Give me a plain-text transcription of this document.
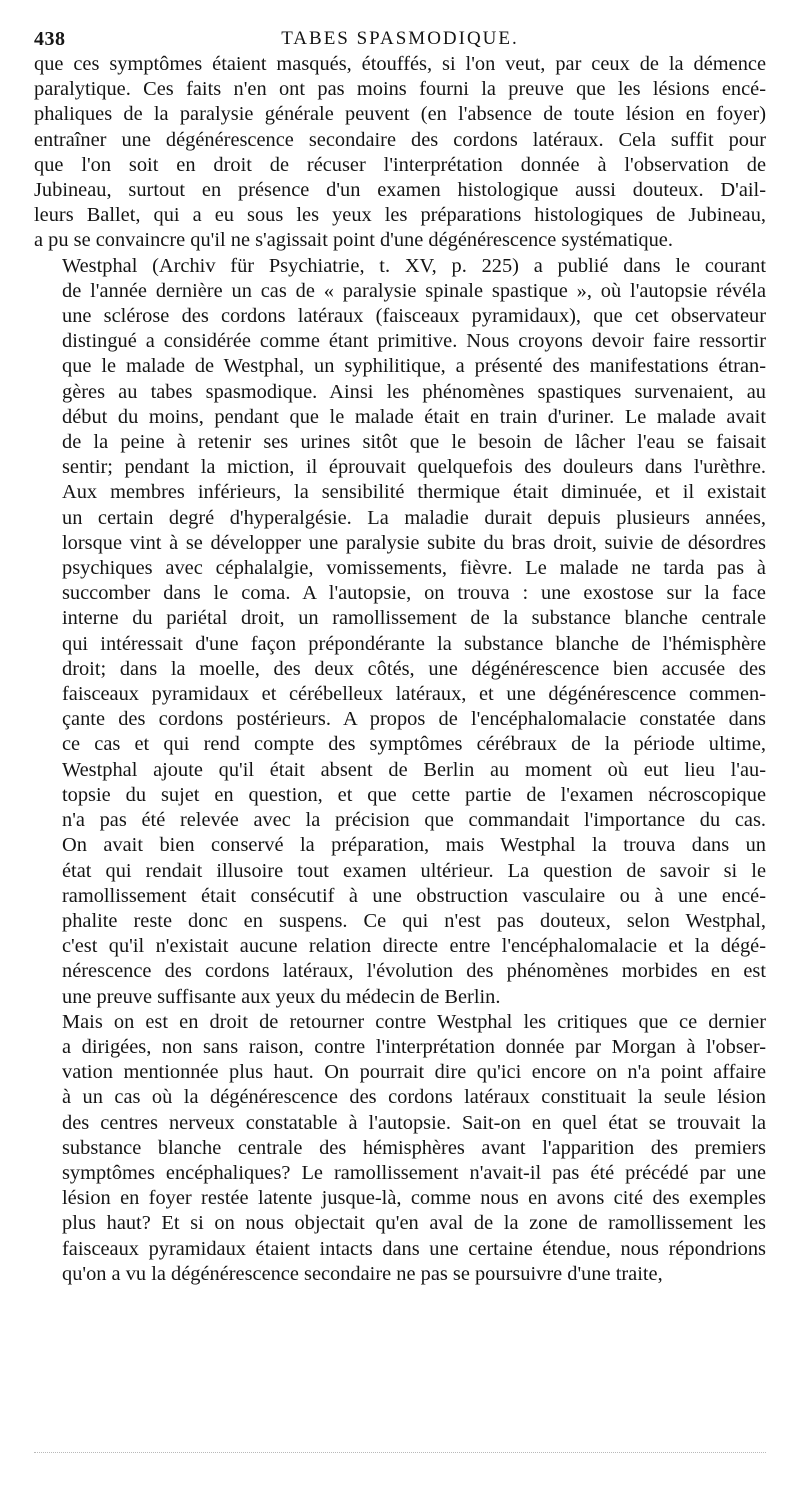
438	TABES SPASMODIQUE.

que ces symptômes étaient masqués, étouffés, si l'on veut, par ceux de la démence
paralytique. Ces faits n'en ont pas moins fourni la preuve que les lésions encé-
phaliques de la paralysie générale peuvent (en l'absence de toute lésion en foyer)
entraîner une dégénérescence secondaire des cordons latéraux. Cela suffit pour
que l'on soit en droit de récuser l'interprétation donnée à l'observation de
Jubineau, surtout en présence d'un examen histologique aussi douteux. D'ail-
leurs Ballet, qui a eu sous les yeux les préparations histologiques de Jubineau,
a pu se convaincre qu'il ne s'agissait point d'une dégénérescence systématique.

Westphal (Archiv für Psychiatrie, t. XV, p. 225) a publié dans le courant
de l'année dernière un cas de « paralysie spinale spastique », où l'autopsie révéla
une sclérose des cordons latéraux (faisceaux pyramidaux), que cet observateur
distingué a considérée comme étant primitive. Nous croyons devoir faire ressortir
que le malade de Westphal, un syphilitique, a présenté des manifestations étran-
gères au tabes spasmodique. Ainsi les phénomènes spastiques survenaient, au
début du moins, pendant que le malade était en train d'uriner. Le malade avait
de la peine à retenir ses urines sitôt que le besoin de lâcher l'eau se faisait
sentir; pendant la miction, il éprouvait quelquefois des douleurs dans l'urèthre.
Aux membres inférieurs, la sensibilité thermique était diminuée, et il existait
un certain degré d'hyperalgésie. La maladie durait depuis plusieurs années,
lorsque vint à se développer une paralysie subite du bras droit, suivie de désordres
psychiques avec céphalalgie, vomissements, fièvre. Le malade ne tarda pas à
succomber dans le coma. A l'autopsie, on trouva : une exostose sur la face
interne du pariétal droit, un ramollissement de la substance blanche centrale
qui intéressait d'une façon prépondérante la substance blanche de l'hémisphère
droit; dans la moelle, des deux côtés, une dégénérescence bien accusée des
faisceaux pyramidaux et cérébelleux latéraux, et une dégénérescence commen-
çante des cordons postérieurs. A propos de l'encéphalomalacie constatée dans
ce cas et qui rend compte des symptômes cérébraux de la période ultime,
Westphal ajoute qu'il était absent de Berlin au moment où eut lieu l'au-
topsie du sujet en question, et que cette partie de l'examen nécroscopique
n'a pas été relevée avec la précision que commandait l'importance du cas.
On avait bien conservé la préparation, mais Westphal la trouva dans un
état qui rendait illusoire tout examen ultérieur. La question de savoir si le
ramollissement était consécutif à une obstruction vasculaire ou à une encé-
phalite reste donc en suspens. Ce qui n'est pas douteux, selon Westphal,
c'est qu'il n'existait aucune relation directe entre l'encéphalomalacie et la dégé-
nérescence des cordons latéraux, l'évolution des phénomènes morbides en est
une preuve suffisante aux yeux du médecin de Berlin.

Mais on est en droit de retourner contre Westphal les critiques que ce dernier
a dirigées, non sans raison, contre l'interprétation donnée par Morgan à l'obser-
vation mentionnée plus haut. On pourrait dire qu'ici encore on n'a point affaire
à un cas où la dégénérescence des cordons latéraux constituait la seule lésion
des centres nerveux constatable à l'autopsie. Sait-on en quel état se trouvait la
substance blanche centrale des hémisphères avant l'apparition des premiers
symptômes encéphaliques? Le ramollissement n'avait-il pas été précédé par une
lésion en foyer restée latente jusque-là, comme nous en avons cité des exemples
plus haut? Et si on nous objectait qu'en aval de la zone de ramollissement les
faisceaux pyramidaux étaient intacts dans une certaine étendue, nous répondrions
qu'on a vu la dégénérescence secondaire ne pas se poursuivre d'une traite,
